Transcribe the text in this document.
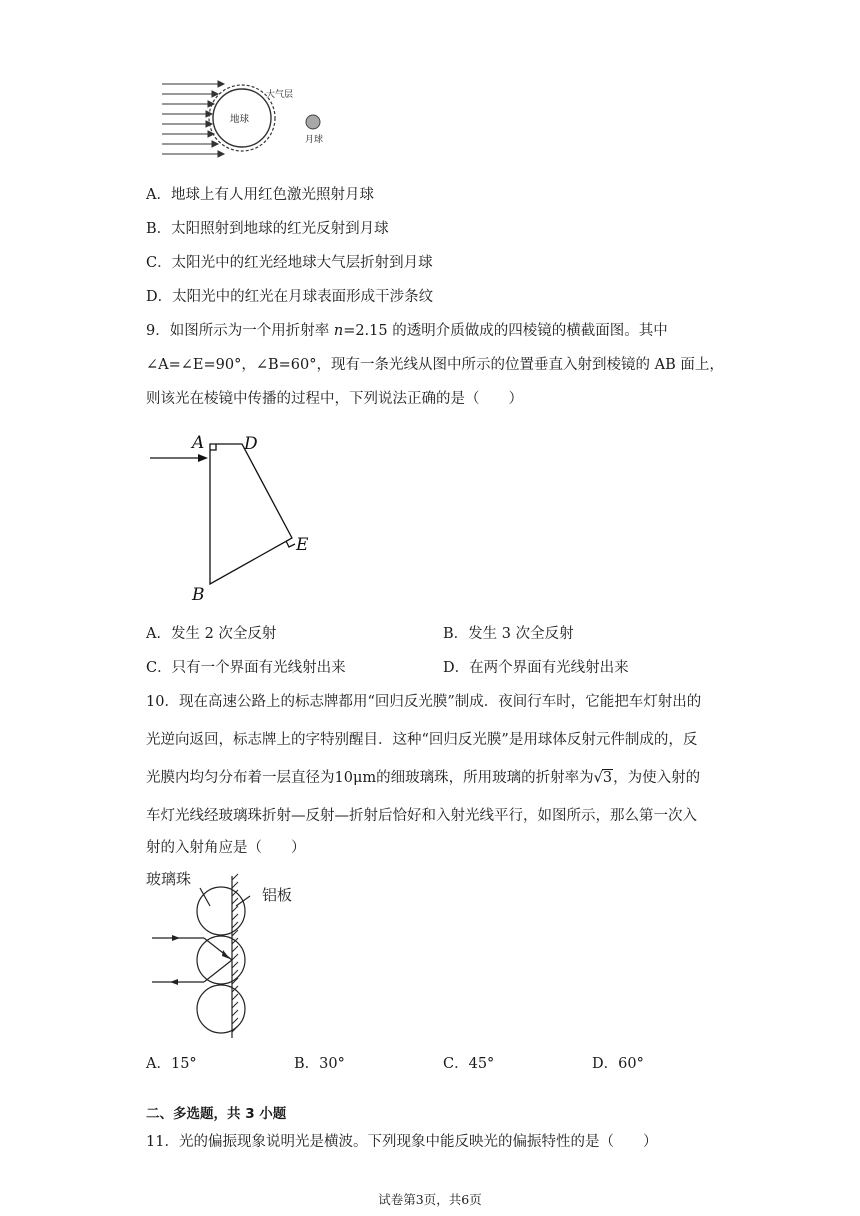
地球
大气层
月球
A．地球上有人用红色激光照射月球
B．太阳照射到地球的红光反射到月球
C．太阳光中的红光经地球大气层折射到月球
D．太阳光中的红光在月球表面形成干涉条纹
9．如图所示为一个用折射率 n=2.15 的透明介质做成的四棱镜的横截面图。其中
∠A=∠E=90°，∠B=60°，现有一条光线从图中所示的位置垂直入射到棱镜的 AB 面上，
则该光在棱镜中传播的过程中，下列说法正确的是（　　）
A D
E
B
A．发生 2 次全反射	B．发生 3 次全反射
C．只有一个界面有光线射出来	D．在两个界面有光线射出来
10．现在高速公路上的标志牌都用“回归反光膜”制成．夜间行车时，它能把车灯射出的
光逆向返回，标志牌上的字特别醒目．这种“回归反光膜”是用球体反射元件制成的，反
光膜内均匀分布着一层直径为10μm的细玻璃珠，所用玻璃的折射率为√3，为使入射的
车灯光线经玻璃珠折射—反射—折射后恰好和入射光线平行，如图所示，那么第一次入
射的入射角应是（　　）
玻璃珠
铝板
A．15°	B．30°	C．45°	D．60°
二、多选题，共 3 小题
11．光的偏振现象说明光是横波。下列现象中能反映光的偏振特性的是（　　）
试卷第3页，共6页
